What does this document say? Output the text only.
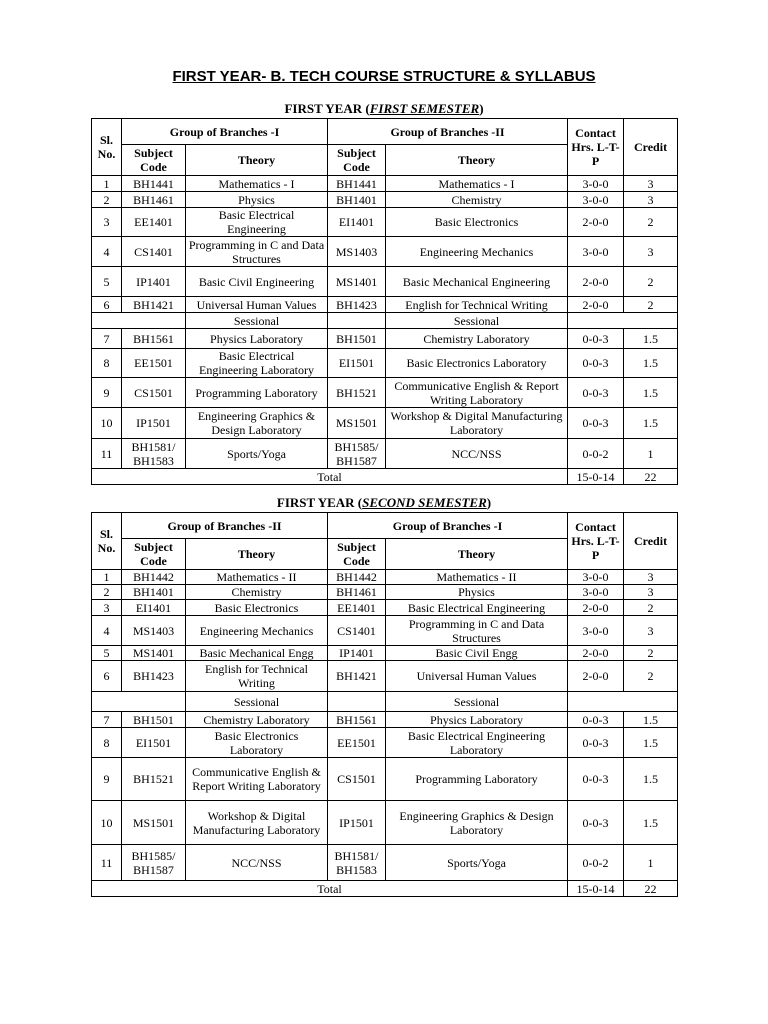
FIRST YEAR- B. TECH COURSE STRUCTURE & SYLLABUS
FIRST YEAR (FIRST SEMESTER)
Sl. No.	Group of Branches -I		Group of Branches -II		Contact Hrs. L-T-P	Credit
	Subject Code	Theory	Subject Code	Theory		
1	BH1441	Mathematics - I	BH1441	Mathematics - I	3-0-0	3
2	BH1461	Physics	BH1401	Chemistry	3-0-0	3
3	EE1401	Basic Electrical Engineering	EI1401	Basic Electronics	2-0-0	2
4	CS1401	Programming in C and Data Structures	MS1403	Engineering Mechanics	3-0-0	3
5	IP1401	Basic Civil Engineering	MS1401	Basic Mechanical Engineering	2-0-0	2
6	BH1421	Universal Human Values	BH1423	English for Technical Writing	2-0-0	2
		Sessional		Sessional		
7	BH1561	Physics Laboratory	BH1501	Chemistry Laboratory	0-0-3	1.5
8	EE1501	Basic Electrical Engineering Laboratory	EI1501	Basic Electronics Laboratory	0-0-3	1.5
9	CS1501	Programming Laboratory	BH1521	Communicative English & Report Writing Laboratory	0-0-3	1.5
10	IP1501	Engineering Graphics & Design Laboratory	MS1501	Workshop & Digital Manufacturing Laboratory	0-0-3	1.5
11	BH1581/ BH1583	Sports/Yoga	BH1585/ BH1587	NCC/NSS	0-0-2	1
Total					15-0-14	22
FIRST YEAR (SECOND SEMESTER)
Sl. No.	Group of Branches -II		Group of Branches -I		Contact Hrs. L-T-P	Credit
	Subject Code	Theory	Subject Code	Theory		
1	BH1442	Mathematics - II	BH1442	Mathematics - II	3-0-0	3
2	BH1401	Chemistry	BH1461	Physics	3-0-0	3
3	EI1401	Basic Electronics	EE1401	Basic Electrical Engineering	2-0-0	2
4	MS1403	Engineering Mechanics	CS1401	Programming in C and Data Structures	3-0-0	3
5	MS1401	Basic Mechanical Engg	IP1401	Basic Civil Engg	2-0-0	2
6	BH1423	English for Technical Writing	BH1421	Universal Human Values	2-0-0	2
		Sessional		Sessional		
7	BH1501	Chemistry Laboratory	BH1561	Physics Laboratory	0-0-3	1.5
8	EI1501	Basic Electronics Laboratory	EE1501	Basic Electrical Engineering Laboratory	0-0-3	1.5
9	BH1521	Communicative English & Report Writing Laboratory	CS1501	Programming Laboratory	0-0-3	1.5
10	MS1501	Workshop & Digital Manufacturing Laboratory	IP1501	Engineering Graphics & Design Laboratory	0-0-3	1.5
11	BH1585/ BH1587	NCC/NSS	BH1581/ BH1583	Sports/Yoga	0-0-2	1
Total					15-0-14	22
